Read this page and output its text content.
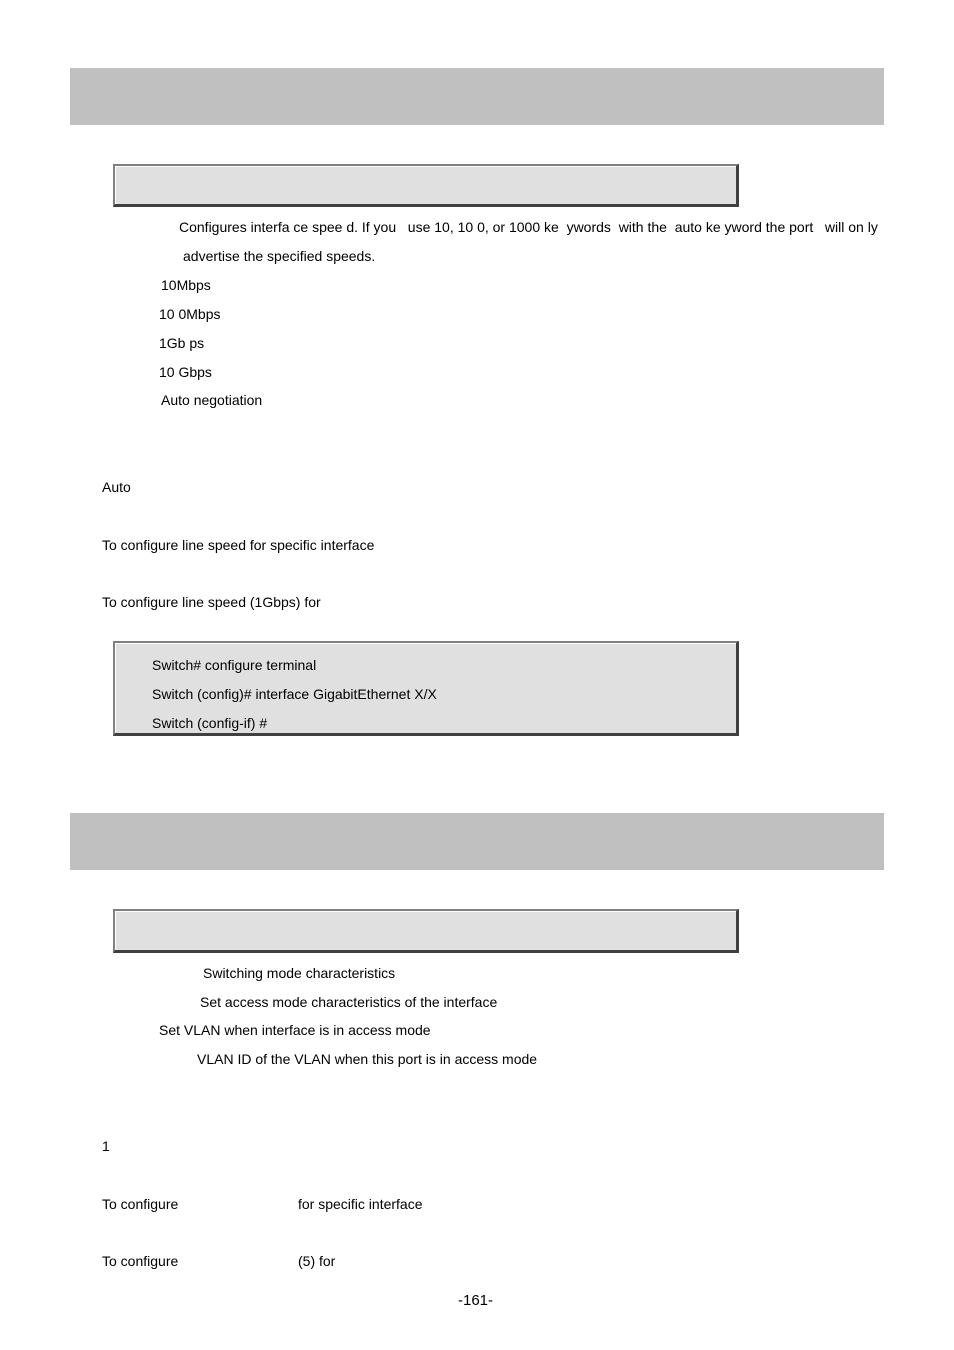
Configures interfa ce spee d. If you   use 10, 10 0, or 1000 ke  ywords  with the  auto ke yword the port   will on ly
advertise the specified speeds.
10Mbps
10 0Mbps
1Gb ps
10 Gbps
Auto negotiation
Auto
To configure line speed for specific interface
To configure line speed (1Gbps) for
Switch# configure terminal
Switch (config)# interface GigabitEthernet X/X
Switch (config-if) #
Switching mode characteristics
Set access mode characteristics of the interface
Set VLAN when interface is in access mode
VLAN ID of the VLAN when this port is in access mode
1
To configure	for specific interface
To configure	(5) for
-161-
